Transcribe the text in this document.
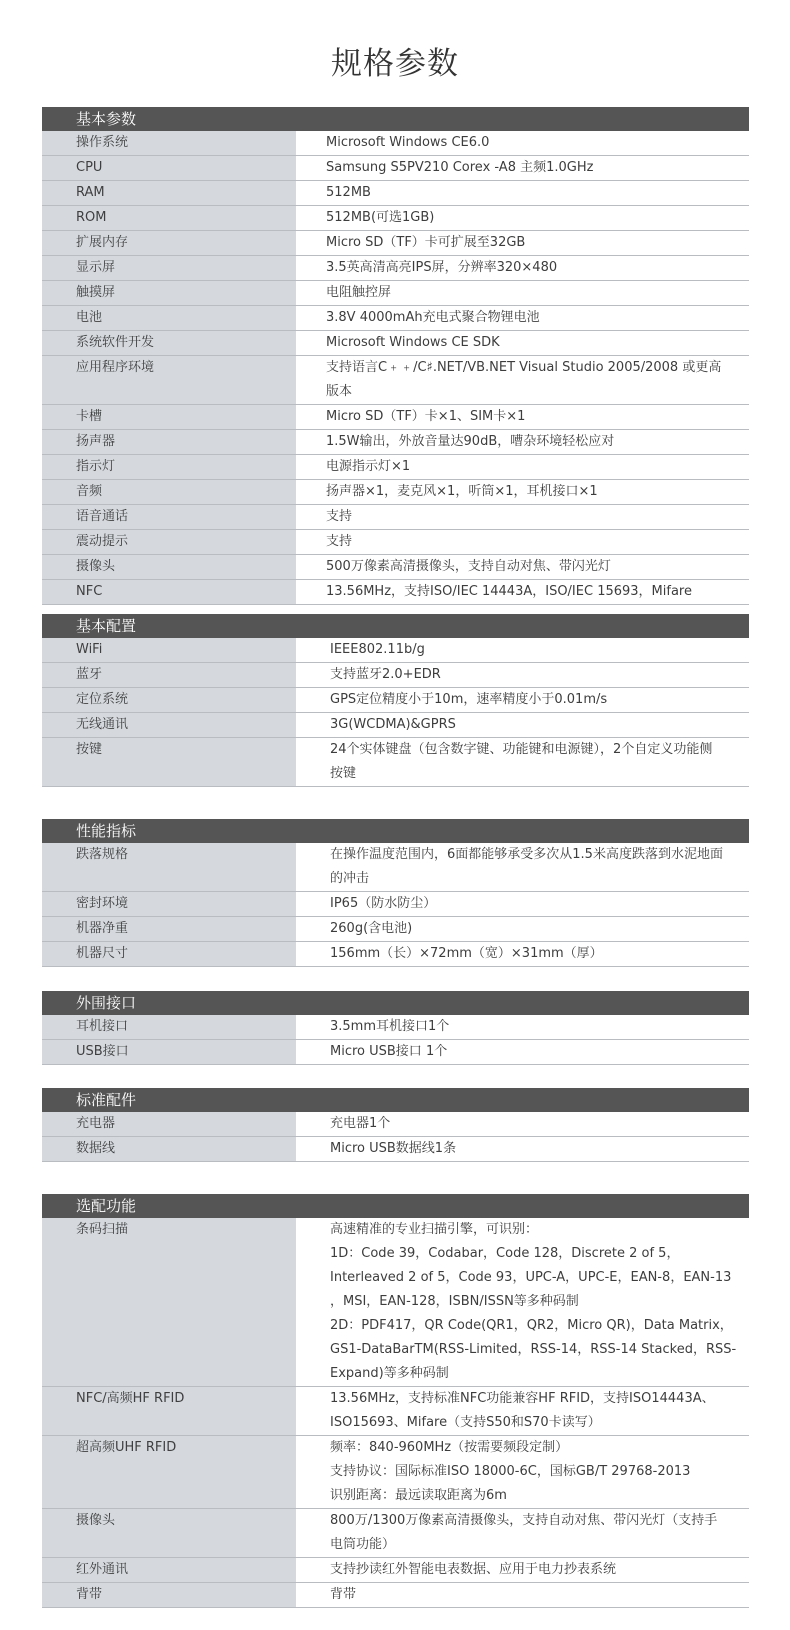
规格参数
基本参数
操作系统	Microsoft Windows CE6.0
CPU	Samsung S5PV210 Corex -A8 主频1.0GHz
RAM	512MB
ROM	512MB(可选1GB)
扩展内存	Micro SD（TF）卡可扩展至32GB
显示屏	3.5英高清高亮IPS屏，分辨率320×480
触摸屏	电阻触控屏
电池	3.8V 4000mAh充电式聚合物锂电池
系统软件开发	Microsoft Windows CE SDK
应用程序环境	支持语言C﹢﹢/C♯.NET/VB.NET Visual Studio 2005/2008 或更高
版本
卡槽	Micro SD（TF）卡×1、SIM卡×1
扬声器	1.5W输出，外放音量达90dB，嘈杂环境轻松应对
指示灯	电源指示灯×1
音频	扬声器×1，麦克风×1，听筒×1，耳机接口×1
语音通话	支持
震动提示	支持
摄像头	500万像素高清摄像头，支持自动对焦、带闪光灯
NFC	13.56MHz，支持ISO/IEC 14443A，ISO/IEC 15693，Mifare
基本配置
WiFi	IEEE802.11b/g
蓝牙	支持蓝牙2.0+EDR
定位系统	GPS定位精度小于10m，速率精度小于0.01m/s
无线通讯	3G(WCDMA)&GPRS
按键	24个实体键盘（包含数字键、功能键和电源键），2个自定义功能侧
按键
性能指标
跌落规格	在操作温度范围内，6面都能够承受多次从1.5米高度跌落到水泥地面
的冲击
密封环境	IP65（防水防尘）
机器净重	260g(含电池)
机器尺寸	156mm（长）×72mm（宽）×31mm（厚）
外围接口
耳机接口	3.5mm耳机接口1个
USB接口	Micro USB接口 1个
标准配件
充电器	充电器1个
数据线	Micro USB数据线1条
选配功能
条码扫描	高速精准的专业扫描引擎，可识别：
1D：Code 39，Codabar，Code 128，Discrete 2 of 5，
Interleaved 2 of 5，Code 93，UPC-A，UPC-E，EAN-8，EAN-13
，MSI，EAN-128，ISBN/ISSN等多种码制
2D：PDF417，QR Code(QR1，QR2，Micro QR)，Data Matrix，
GS1-DataBarTM(RSS-Limited，RSS-14，RSS-14 Stacked，RSS-
Expand)等多种码制
NFC/高频HF RFID	13.56MHz，支持标准NFC功能兼容HF RFID，支持ISO14443A、
ISO15693、Mifare（支持S50和S70卡读写）
超高频UHF RFID	频率：840-960MHz（按需要频段定制）
支持协议：国际标准ISO 18000-6C，国标GB/T 29768-2013
识别距离：最远读取距离为6m
摄像头	800万/1300万像素高清摄像头，支持自动对焦、带闪光灯（支持手
电筒功能）
红外通讯	支持抄读红外智能电表数据、应用于电力抄表系统
背带	背带
